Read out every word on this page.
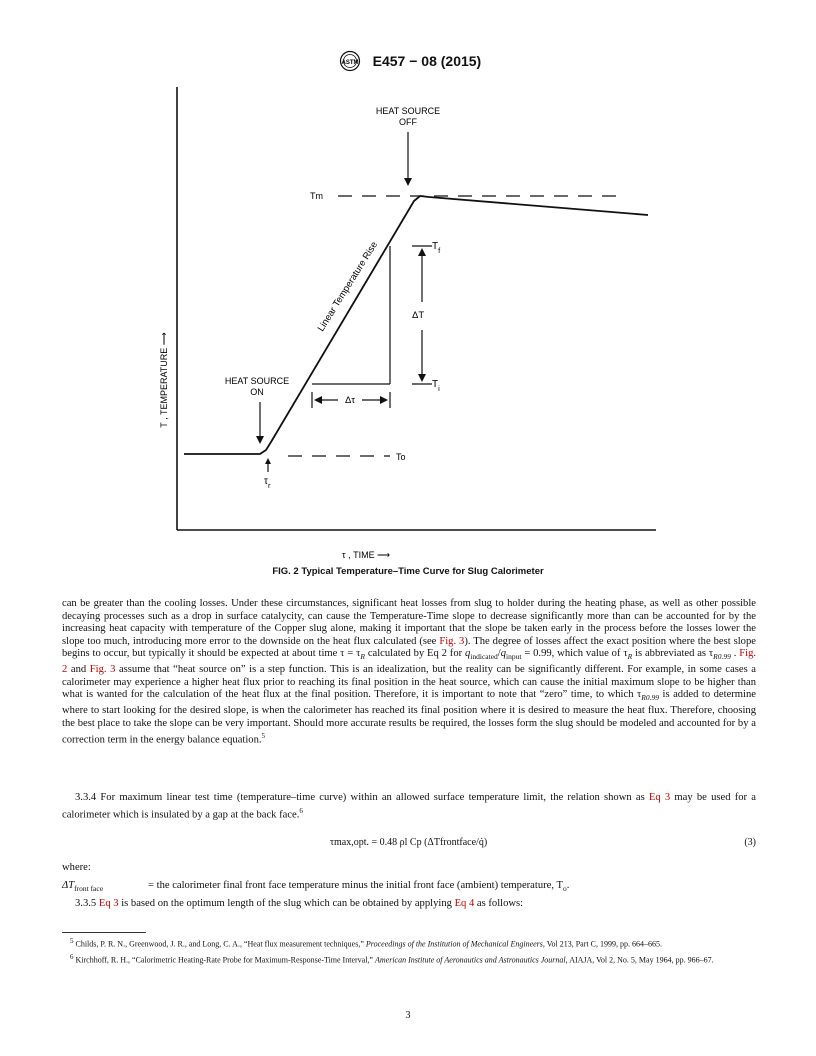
ASTM E457 − 08 (2015)
HEAT SOURCE
OFF
Tm
Linear Temperature Rise	ΔT
$T_f$
$T_i$
Δτ
HEAT SOURCE
ON
To
$\tau_r$
T , TEMPERATURE ⟶
τ , TIME ⟶
FIG. 2 Typical Temperature–Time Curve for Slug Calorimeter

can be greater than the cooling losses. Under these circumstances, significant heat losses from slug to holder during the heating phase, as well as other possible decaying processes such as a drop in surface catalycity, can cause the Temperature-Time slope to decrease significantly more than can be accounted for by the increasing heat capacity with temperature of the Copper slug alone, making it important that the slope be taken early in the process before the losses lower the slope too much, introducing more error to the downside on the heat flux calculated (see Fig. 3). The degree of losses affect the exact position where the best slope begins to occur, but typically it should be expected at about time $\tau = \tau_R$ calculated by Eq 2 for $q_{indicated}/q_{input} = 0.99$, which value of $\tau_R$ is abbreviated as $\tau_{R0.99}$ . Fig. 2 and Fig. 3 assume that “heat source on” is a step function. This is an idealization, but the reality can be significantly different. For example, in some cases a calorimeter may experience a higher heat flux prior to reaching its final position in the heat source, which can cause the initial maximum slope to be higher than what is wanted for the calculation of the heat flux at the final position. Therefore, it is important to note that “zero” time, to which $\tau_{R0.99}$ is added to determine where to start looking for the desired slope, is when the calorimeter has reached its final position where it is desired to measure the heat flux. Therefore, choosing the best place to take the slope can be very important. Should more accurate results be required, the losses form the slug should be modeled and accounted for by a correction term in the energy balance equation.$^5$

3.3.4 For maximum linear test time (temperature–time curve) within an allowed surface temperature limit, the relation shown as Eq 3 may be used for a calorimeter which is insulated by a gap at the back face.$^6$

τmax,opt. = 0.48 ρl Cp (ΔTfrontface/q̇)	(3)

where:

$\Delta T_{front face}$	= the calorimeter final front face temperature minus the initial front face (ambient) temperature, $T_o$.

3.3.5 Eq 3 is based on the optimum length of the slug which can be obtained by applying Eq 4 as follows:

$^5$ Childs, P. R. N., Greenwood, J. R., and Long, C. A., “Heat flux measurement techniques,” Proceedings of the Institution of Mechanical Engineers, Vol 213, Part C, 1999, pp. 664–665.

$^6$ Kirchhoff, R. H., “Calorimetric Heating-Rate Probe for Maximum-Response-Time Interval,” American Institute of Aeronautics and Astronautics Journal, AIAJA, Vol 2, No. 5, May 1964, pp. 966–67.

3
